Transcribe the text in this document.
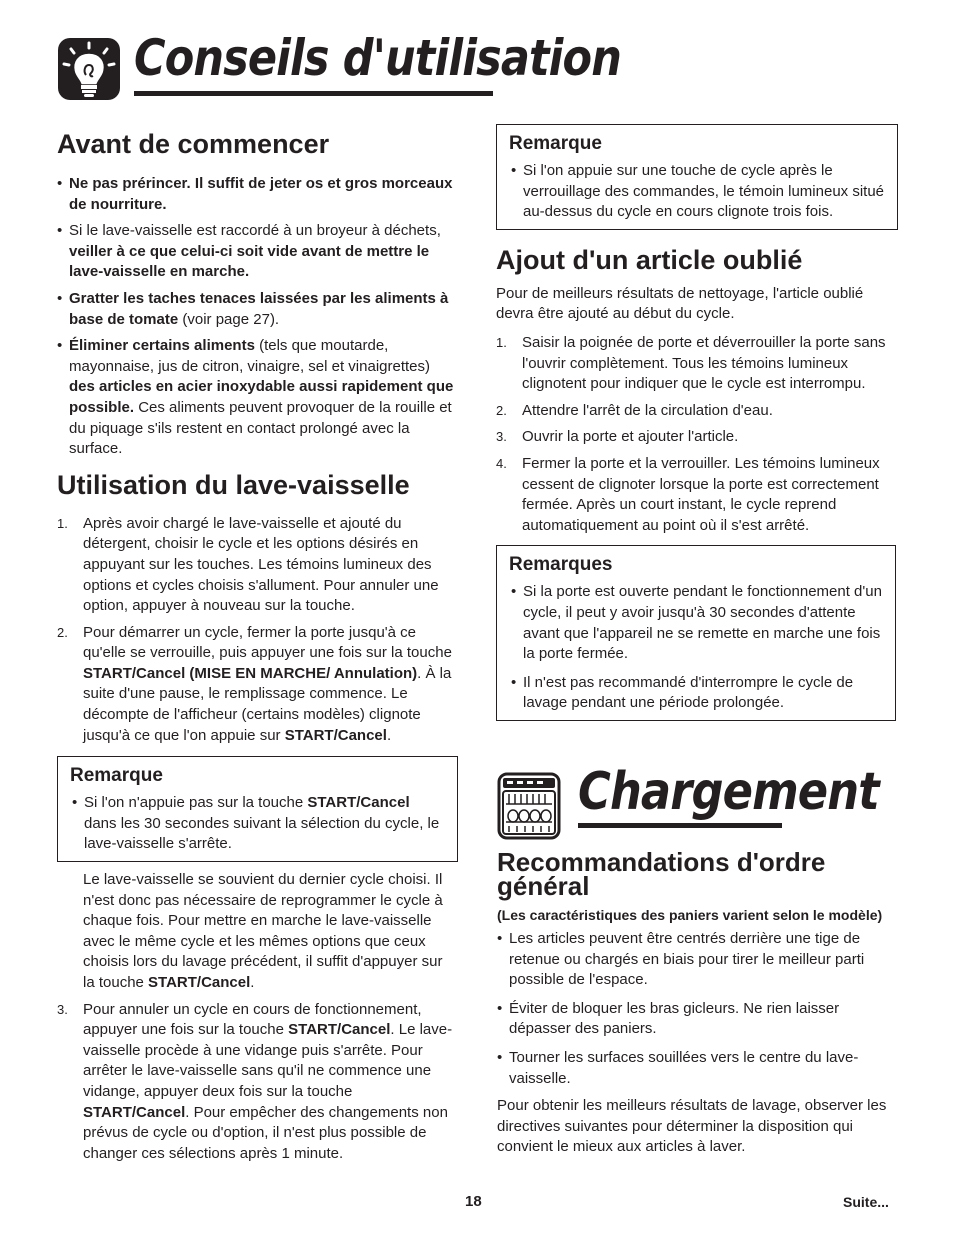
Conseils d'utilisation
Avant de commencer
• Ne pas prérincer. Il suffit de jeter os et gros morceaux de nourriture.
• Si le lave-vaisselle est raccordé à un broyeur à déchets, veiller à ce que celui-ci soit vide avant de mettre le lave-vaisselle en marche.
• Gratter les taches tenaces laissées par les aliments à base de tomate (voir page 27).
• Éliminer certains aliments (tels que moutarde, mayonnaise, jus de citron, vinaigre, sel et vinaigrettes) des articles en acier inoxydable aussi rapidement que possible. Ces aliments peuvent provoquer de la rouille et du piquage s'ils restent en contact prolongé avec la surface.
Utilisation du lave-vaisselle
1. Après avoir chargé le lave-vaisselle et ajouté du détergent, choisir le cycle et les options désirés en appuyant sur les touches. Les témoins lumineux des options et cycles choisis s'allument. Pour annuler une option, appuyer à nouveau sur la touche.
2. Pour démarrer un cycle, fermer la porte jusqu'à ce qu'elle se verrouille, puis appuyer une fois sur la touche START/Cancel (MISE EN MARCHE/ Annulation). À la suite d'une pause, le remplissage commence. Le décompte de l'afficheur (certains modèles) clignote jusqu'à ce que l'on appuie sur START/Cancel.
Remarque
• Si l'on n'appuie pas sur la touche START/Cancel dans les 30 secondes suivant la sélection du cycle, le lave-vaisselle s'arrête.

Le lave-vaisselle se souvient du dernier cycle choisi. Il n'est donc pas nécessaire de reprogrammer le cycle à chaque fois. Pour mettre en marche le lave-vaisselle avec le même cycle et les mêmes options que ceux choisis lors du lavage précédent, il suffit d'appuyer sur la touche START/Cancel.

3. Pour annuler un cycle en cours de fonctionnement, appuyer une fois sur la touche START/Cancel. Le lave-vaisselle procède à une vidange puis s'arrête. Pour arrêter le lave-vaisselle sans qu'il ne commence une vidange, appuyer deux fois sur la touche START/Cancel. Pour empêcher des changements non prévus de cycle ou d'option, il n'est plus possible de changer ces sélections après 1 minute.
Remarque
• Si l'on appuie sur une touche de cycle après le verrouillage des commandes, le témoin lumineux situé au-dessus du cycle en cours clignote trois fois.
Ajout d'un article oublié

Pour de meilleurs résultats de nettoyage, l'article oublié devra être ajouté au début du cycle.

1. Saisir la poignée de porte et déverrouiller la porte sans l'ouvrir complètement. Tous les témoins lumineux clignotent pour indiquer que le cycle est interrompu.
2. Attendre l'arrêt de la circulation d'eau.
3. Ouvrir la porte et ajouter l'article.
4. Fermer la porte et la verrouiller. Les témoins lumineux cessent de clignoter lorsque la porte est correctement fermée. Après un court instant, le cycle reprend automatiquement au point où il s'est arrêté.
Remarques
• Si la porte est ouverte pendant le fonctionnement d'un cycle, il peut y avoir jusqu'à 30 secondes d'attente avant que l'appareil ne se remette en marche une fois la porte fermée.
• Il n'est pas recommandé d'interrompre le cycle de lavage pendant une période prolongée.
Chargement
Recommandations d'ordre général

(Les caractéristiques des paniers varient selon le modèle)

• Les articles peuvent être centrés derrière une tige de retenue ou chargés en biais pour tirer le meilleur parti possible de l'espace.
• Éviter de bloquer les bras gicleurs. Ne rien laisser dépasser des paniers.
• Tourner les surfaces souillées vers le centre du lave-vaisselle.

Pour obtenir les meilleurs résultats de lavage, observer les directives suivantes pour déterminer la disposition qui convient le mieux aux articles à laver.

18	Suite...
